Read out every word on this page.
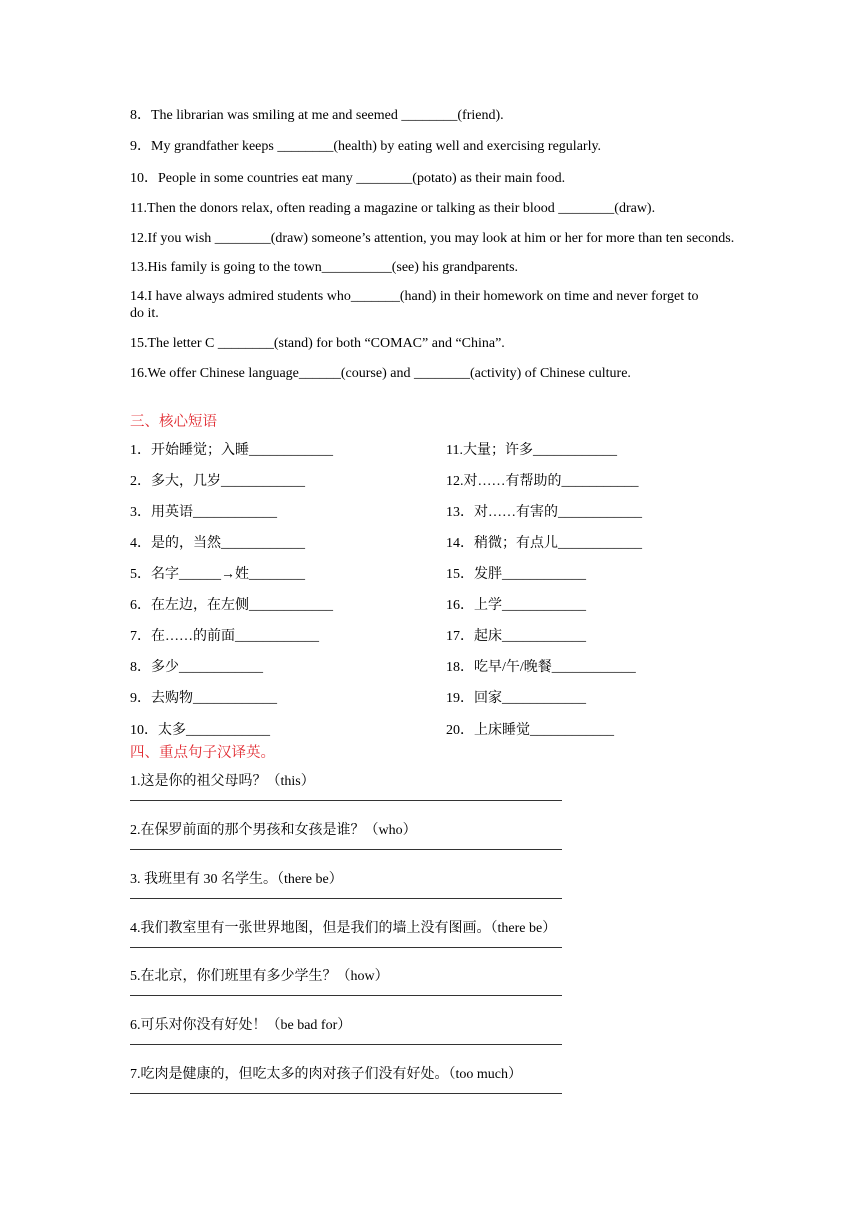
8．The librarian was smiling at me and seemed ________(friend).
9．My grandfather keeps ________(health) by eating well and exercising regularly.
10．People in some countries eat many ________(potato) as their main food.
11.Then the donors relax, often reading a magazine or talking as their blood ________(draw).
12.If you wish ________(draw) someone’s attention, you may look at him or her for more than ten seconds.
13.His family is going to the town__________(see) his grandparents.
14.I have always admired students who_______(hand) in their homework on time and never forget to do it.
15.The letter C ________(stand) for both “COMAC” and “China”.
16.We offer Chinese language______(course) and ________(activity) of Chinese culture.
三、核心短语
1．开始睡觉；入睡____________
2．多大，几岁____________
3．用英语____________
4．是的，当然____________
5．名字______→姓________
6．在左边，在左侧____________
7．在……的前面____________
8．多少____________
9．去购物____________
10．太多____________
11.大量；许多____________
12.对……有帮助的___________
13．对……有害的____________
14．稍微；有点儿____________
15．发胖____________
16．上学____________
17．起床____________
18．吃早/午/晚餐____________
19．回家____________
20．上床睡觉____________
四、重点句子汉译英。
1.这是你的祖父母吗？（this）
2.在保罗前面的那个男孩和女孩是谁？（who）
3. 我班里有 30 名学生。（there be）
4.我们教室里有一张世界地图，但是我们的墙上没有图画。（there be）
5.在北京，你们班里有多少学生？（how）
6.可乐对你没有好处！（be bad for）
7.吃肉是健康的，但吃太多的肉对孩子们没有好处。（too much）
